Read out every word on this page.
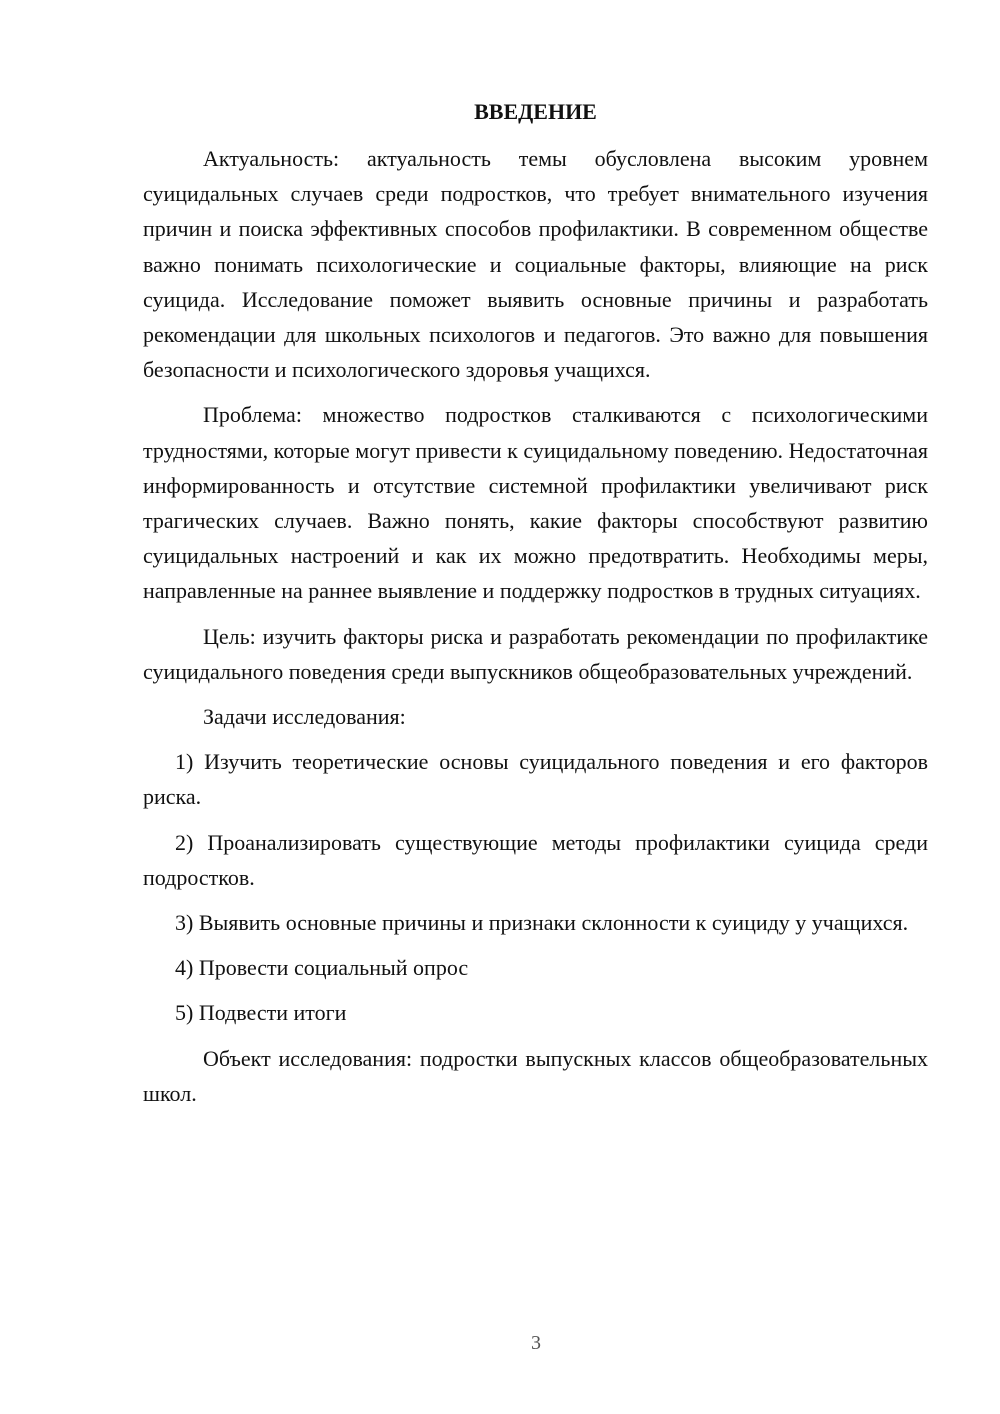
ВВЕДЕНИЕ

Актуальность: актуальность темы обусловлена высоким уровнем суицидальных случаев среди подростков, что требует внимательного изучения причин и поиска эффективных способов профилактики. В современном обществе важно понимать психологические и социальные факторы, влияющие на риск суицида. Исследование поможет выявить основные причины и разработать рекомендации для школьных психологов и педагогов. Это важно для повышения безопасности и психологического здоровья учащихся.

Проблема: множество подростков сталкиваются с психологическими трудностями, которые могут привести к суицидальному поведению. Недостаточная информированность и отсутствие системной профилактики увеличивают риск трагических случаев. Важно понять, какие факторы способствуют развитию суицидальных настроений и как их можно предотвратить. Необходимы меры, направленные на раннее выявление и поддержку подростков в трудных ситуациях.

Цель: изучить факторы риска и разработать рекомендации по профилактике суицидального поведения среди выпускников общеобразовательных учреждений.

Задачи исследования:

1) Изучить теоретические основы суицидального поведения и его факторов риска.

2) Проанализировать существующие методы профилактики суицида среди подростков.

3) Выявить основные причины и признаки склонности к суициду у учащихся.

4) Провести социальный опрос

5) Подвести итоги

Объект исследования: подростки выпускных классов общеобразовательных школ.

3
